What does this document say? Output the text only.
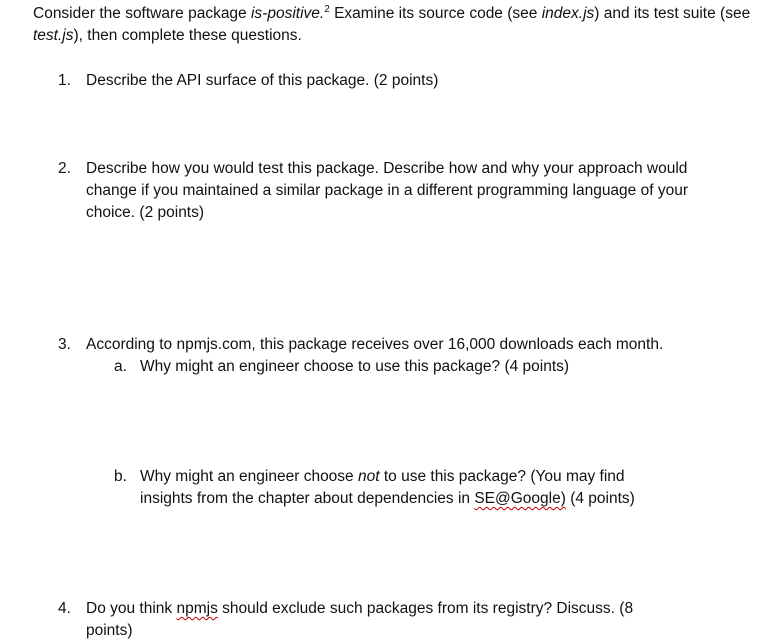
Consider the software package is-positive.$^2$ Examine its source code (see index.js) and its test suite (see test.js), then complete these questions.

1. Describe the API surface of this package. (2 points)
2. Describe how you would test this package. Describe how and why your approach would change if you maintained a similar package in a different programming language of your choice. (2 points)
3. According to npmjs.com, this package receives over 16,000 downloads each month.
a. Why might an engineer choose to use this package? (4 points)
b. Why might an engineer choose not to use this package? (You may find insights from the chapter about dependencies in SE@Google) (4 points)
4. Do you think npmjs should exclude such packages from its registry? Discuss. (8 points)
